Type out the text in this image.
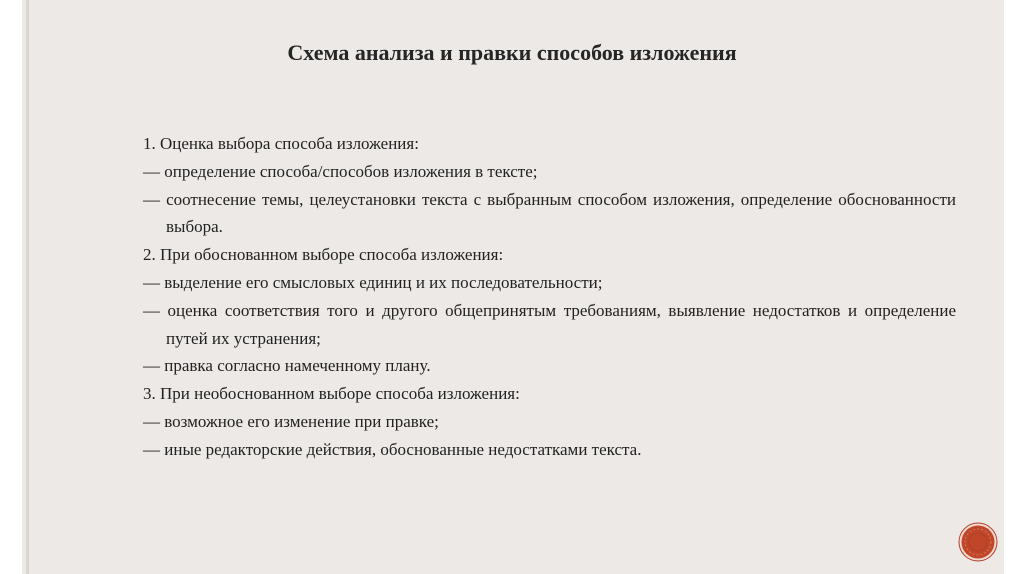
Схема анализа и правки способов изложения
1. Оценка выбора способа изложения:
— определение способа/способов изложения в тексте;
— соотнесение темы, целеустановки текста с выбранным способом изложения, определение обоснованности выбора.
2. При обоснованном выборе способа изложения:
— выделение его смысловых единиц и их последовательности;
— оценка соответствия того и другого общепринятым требованиям, выявление недостатков и определение путей их устранения;
— правка согласно намеченному плану.
3. При необоснованном выборе способа изложения:
— возможное его изменение при правке;
— иные редакторские действия, обоснованные недостатками текста.
